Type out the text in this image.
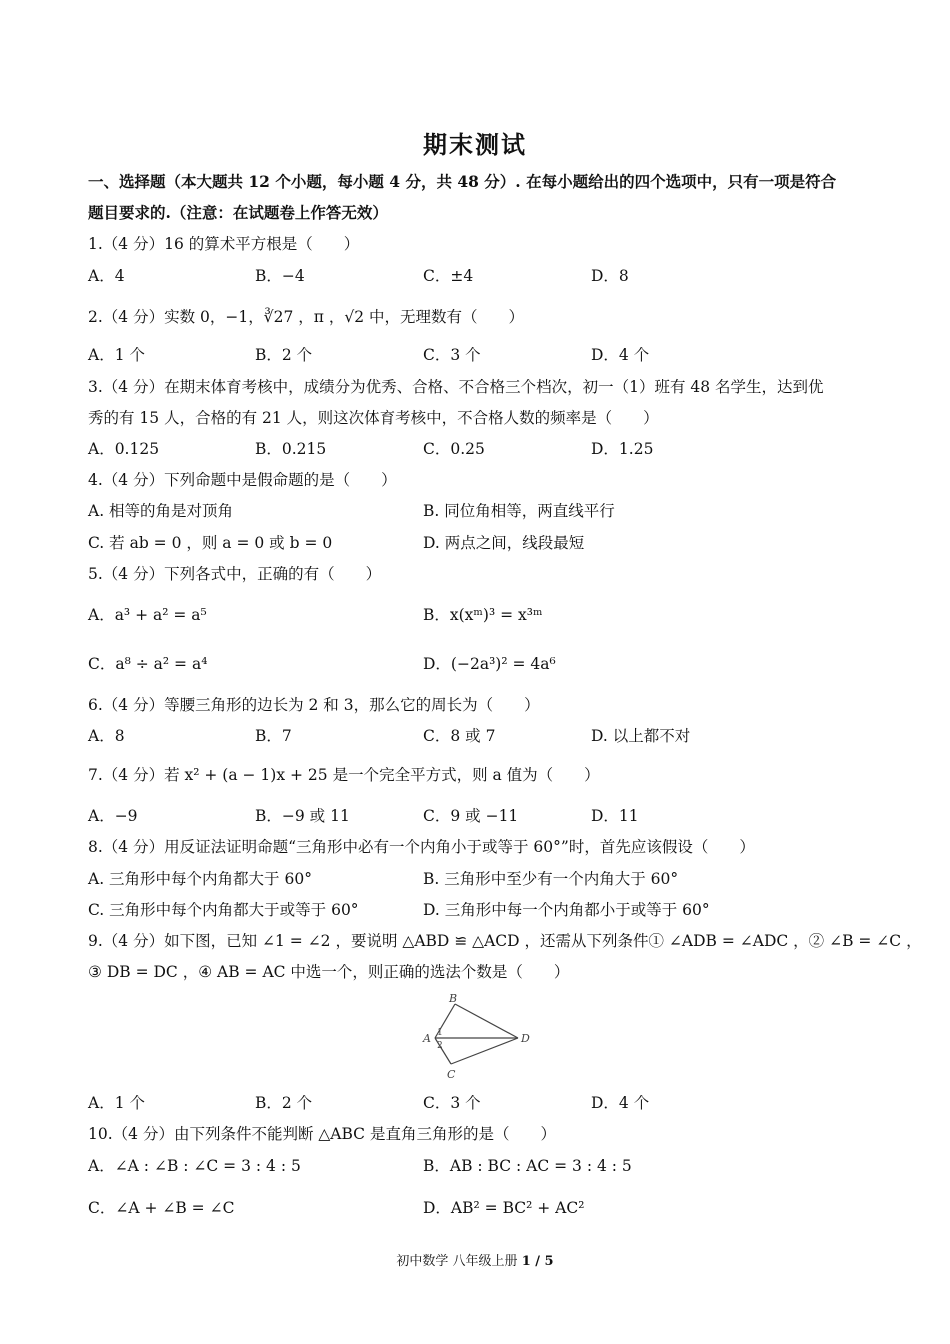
期末测试
一、选择题（本大题共 12 个小题，每小题 4 分，共 48 分）. 在每小题给出的四个选项中，只有一项是符合
题目要求的.（注意：在试题卷上作答无效）
1.（4 分）16 的算术平方根是（　　）
A．4	B．−4	C．±4	D．8
2.（4 分）实数 0，−1，∛27 ，π ，√2 中，无理数有（　　）
A．1 个	B．2 个	C．3 个	D．4 个
3.（4 分）在期末体育考核中，成绩分为优秀、合格、不合格三个档次，初一（1）班有 48 名学生，达到优
秀的有 15 人，合格的有 21 人，则这次体育考核中，不合格人数的频率是（　　）
A．0.125	B．0.215	C．0.25	D．1.25
4.（4 分）下列命题中是假命题的是（　　）
A. 相等的角是对顶角	B. 同位角相等，两直线平行
C. 若 ab = 0 ，则 a = 0 或 b = 0	D. 两点之间，线段最短
5.（4 分）下列各式中，正确的有（　　）
A．a³ + a² = a⁵	B．x(xᵐ)³ = x³ᵐ
C．a⁸ ÷ a² = a⁴	D．(−2a³)² = 4a⁶
6.（4 分）等腰三角形的边长为 2 和 3，那么它的周长为（　　）
A．8	B．7	C．8 或 7	D. 以上都不对
7.（4 分）若 x² + (a − 1)x + 25 是一个完全平方式，则 a 值为（　　）
A．−9	B．−9 或 11	C．9 或 −11	D．11
8.（4 分）用反证法证明命题“三角形中必有一个内角小于或等于 60°”时，首先应该假设（　　）
A. 三角形中每个内角都大于 60°	B. 三角形中至少有一个内角大于 60°
C. 三角形中每个内角都大于或等于 60°	D. 三角形中每一个内角都小于或等于 60°
9.（4 分）如下图，已知 ∠1 = ∠2 ，要说明 △ABD ≌ △ACD ，还需从下列条件① ∠ADB = ∠ADC ，② ∠B = ∠C ，
③ DB = DC ，④ AB = AC 中选一个，则正确的选法个数是（　　）
B
A 1
2
D
C
A．1 个	B．2 个	C．3 个	D．4 个
10.（4 分）由下列条件不能判断 △ABC 是直角三角形的是（　　）
A．∠A : ∠B : ∠C = 3 : 4 : 5	B．AB : BC : AC = 3 : 4 : 5
C．∠A + ∠B = ∠C	D．AB² = BC² + AC²
初中数学 八年级上册 1 / 5
